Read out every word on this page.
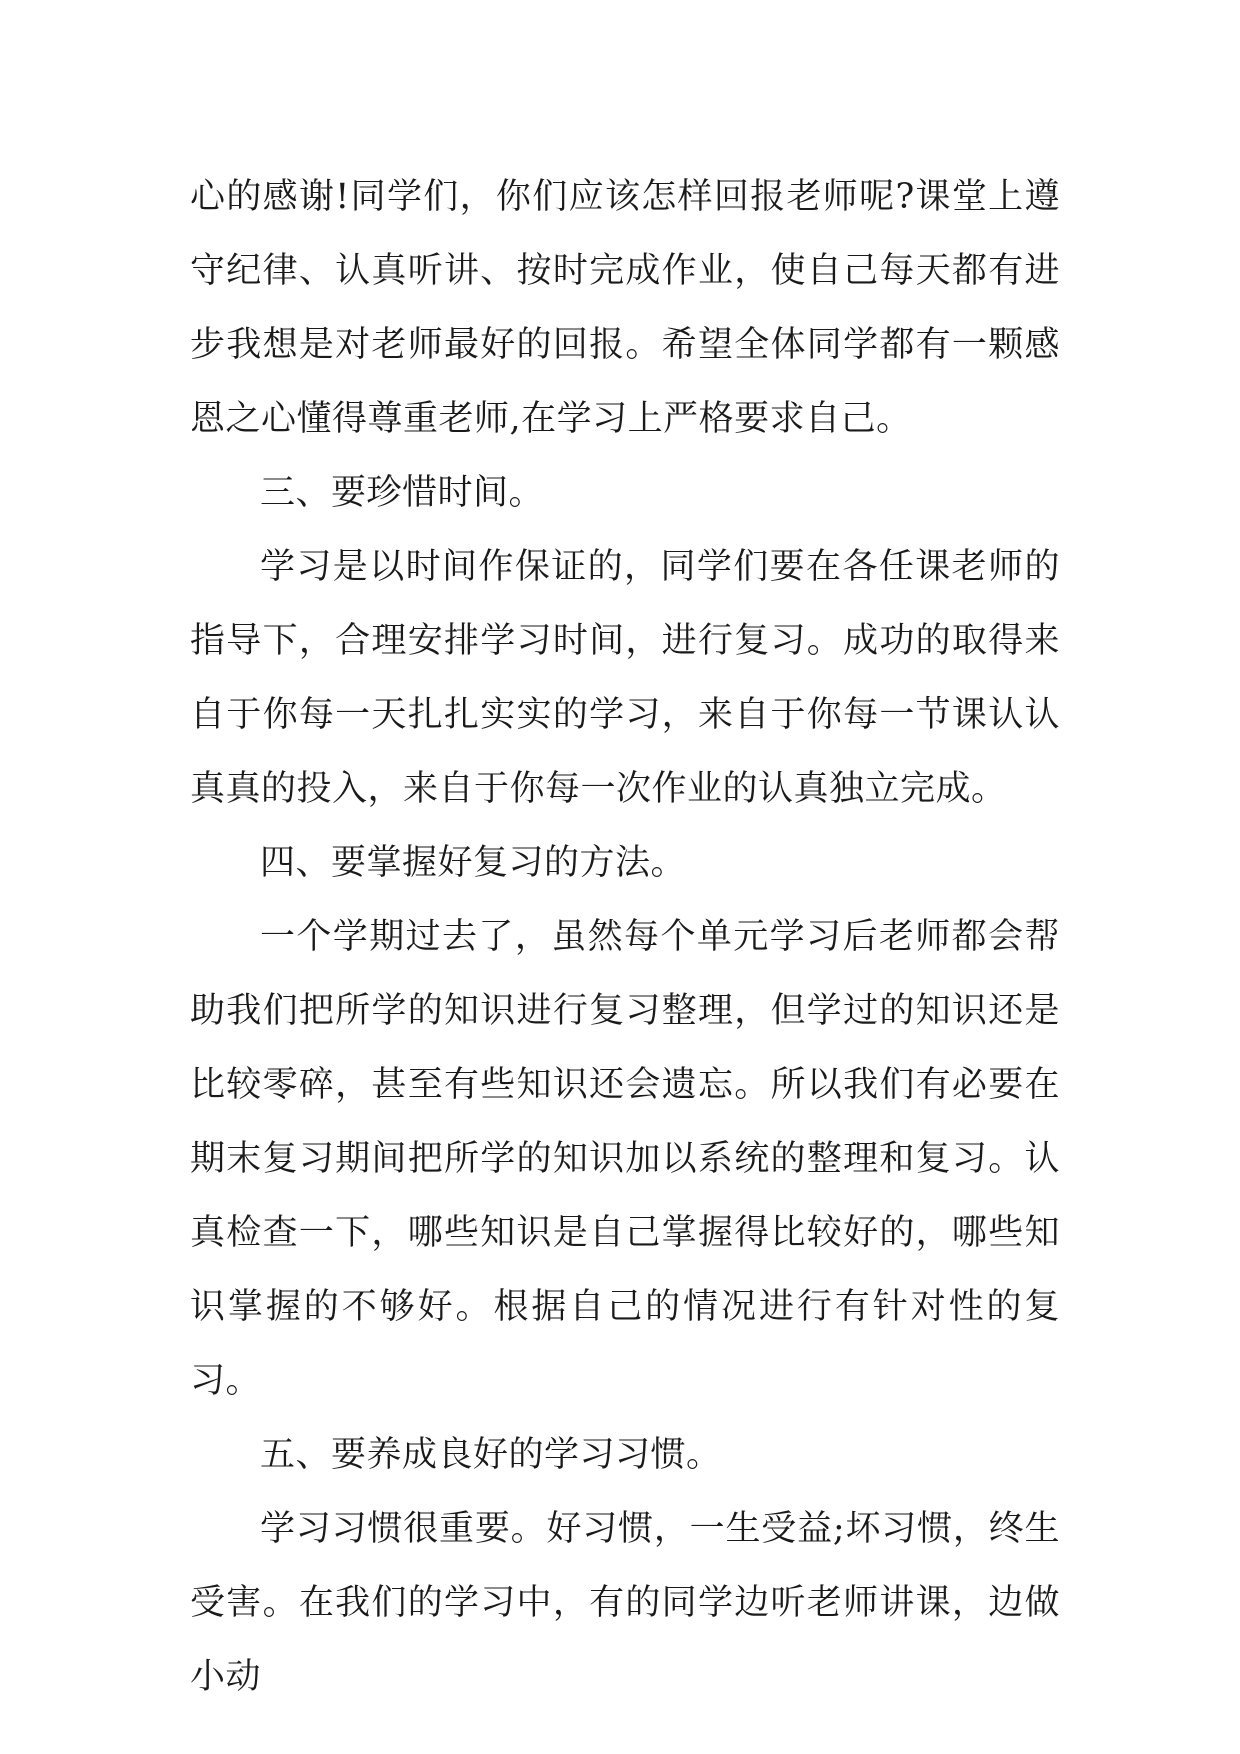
心的感谢!同学们，你们应该怎样回报老师呢?课堂上遵守纪律、认真听讲、按时完成作业，使自己每天都有进步我想是对老师最好的回报。希望全体同学都有一颗感恩之心懂得尊重老师,在学习上严格要求自己。

三、要珍惜时间。

学习是以时间作保证的，同学们要在各任课老师的指导下，合理安排学习时间，进行复习。成功的取得来自于你每一天扎扎实实的学习，来自于你每一节课认认真真的投入，来自于你每一次作业的认真独立完成。

四、要掌握好复习的方法。

一个学期过去了，虽然每个单元学习后老师都会帮助我们把所学的知识进行复习整理，但学过的知识还是比较零碎，甚至有些知识还会遗忘。所以我们有必要在期末复习期间把所学的知识加以系统的整理和复习。认真检查一下，哪些知识是自己掌握得比较好的，哪些知识掌握的不够好。根据自己的情况进行有针对性的复习。

五、要养成良好的学习习惯。

学习习惯很重要。好习惯，一生受益;坏习惯，终生受害。在我们的学习中，有的同学边听老师讲课，边做小动
